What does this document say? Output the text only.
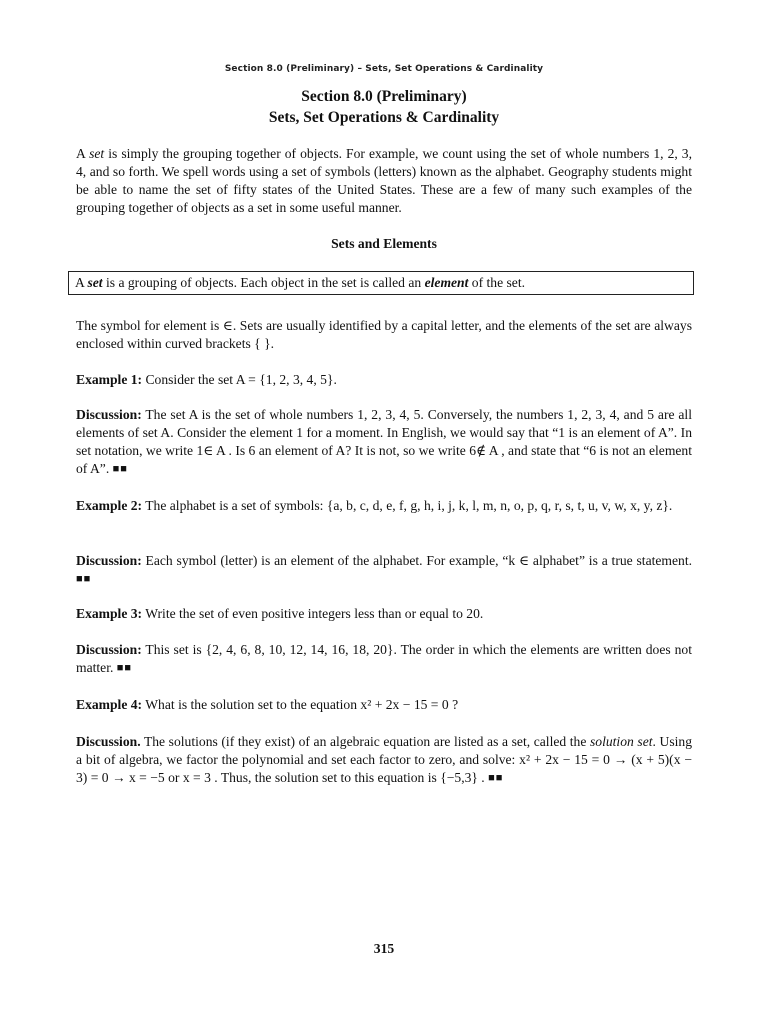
Section 8.0 (Preliminary) – Sets, Set Operations & Cardinality
Section 8.0 (Preliminary)
Sets, Set Operations & Cardinality
A set is simply the grouping together of objects. For example, we count using the set of whole numbers 1, 2, 3, 4, and so forth. We spell words using a set of symbols (letters) known as the alphabet. Geography students might be able to name the set of fifty states of the United States. These are a few of many such examples of the grouping together of objects as a set in some useful manner.
Sets and Elements
A set is a grouping of objects. Each object in the set is called an element of the set.
The symbol for element is ∈. Sets are usually identified by a capital letter, and the elements of the set are always enclosed within curved brackets { }.
Example 1: Consider the set A = {1, 2, 3, 4, 5}.
Discussion: The set A is the set of whole numbers 1, 2, 3, 4, 5. Conversely, the numbers 1, 2, 3, 4, and 5 are all elements of set A. Consider the element 1 for a moment. In English, we would say that “1 is an element of A”. In set notation, we write 1∈ A . Is 6 an element of A? It is not, so we write 6∉ A , and state that “6 is not an element of A”. ■■
Example 2: The alphabet is a set of symbols: {a, b, c, d, e, f, g, h, i, j, k, l, m, n, o, p, q, r, s, t, u, v, w, x, y, z}.
Discussion: Each symbol (letter) is an element of the alphabet. For example, “k ∈ alphabet” is a true statement. ■■
Example 3: Write the set of even positive integers less than or equal to 20.
Discussion: This set is {2, 4, 6, 8, 10, 12, 14, 16, 18, 20}. The order in which the elements are written does not matter. ■■
Example 4: What is the solution set to the equation x² + 2x − 15 = 0 ?
Discussion. The solutions (if they exist) of an algebraic equation are listed as a set, called the solution set. Using a bit of algebra, we factor the polynomial and set each factor to zero, and solve: x² + 2x − 15 = 0 → (x + 5)(x − 3) = 0 → x = −5 or x = 3 . Thus, the solution set to this equation is {−5,3} . ■■
315
